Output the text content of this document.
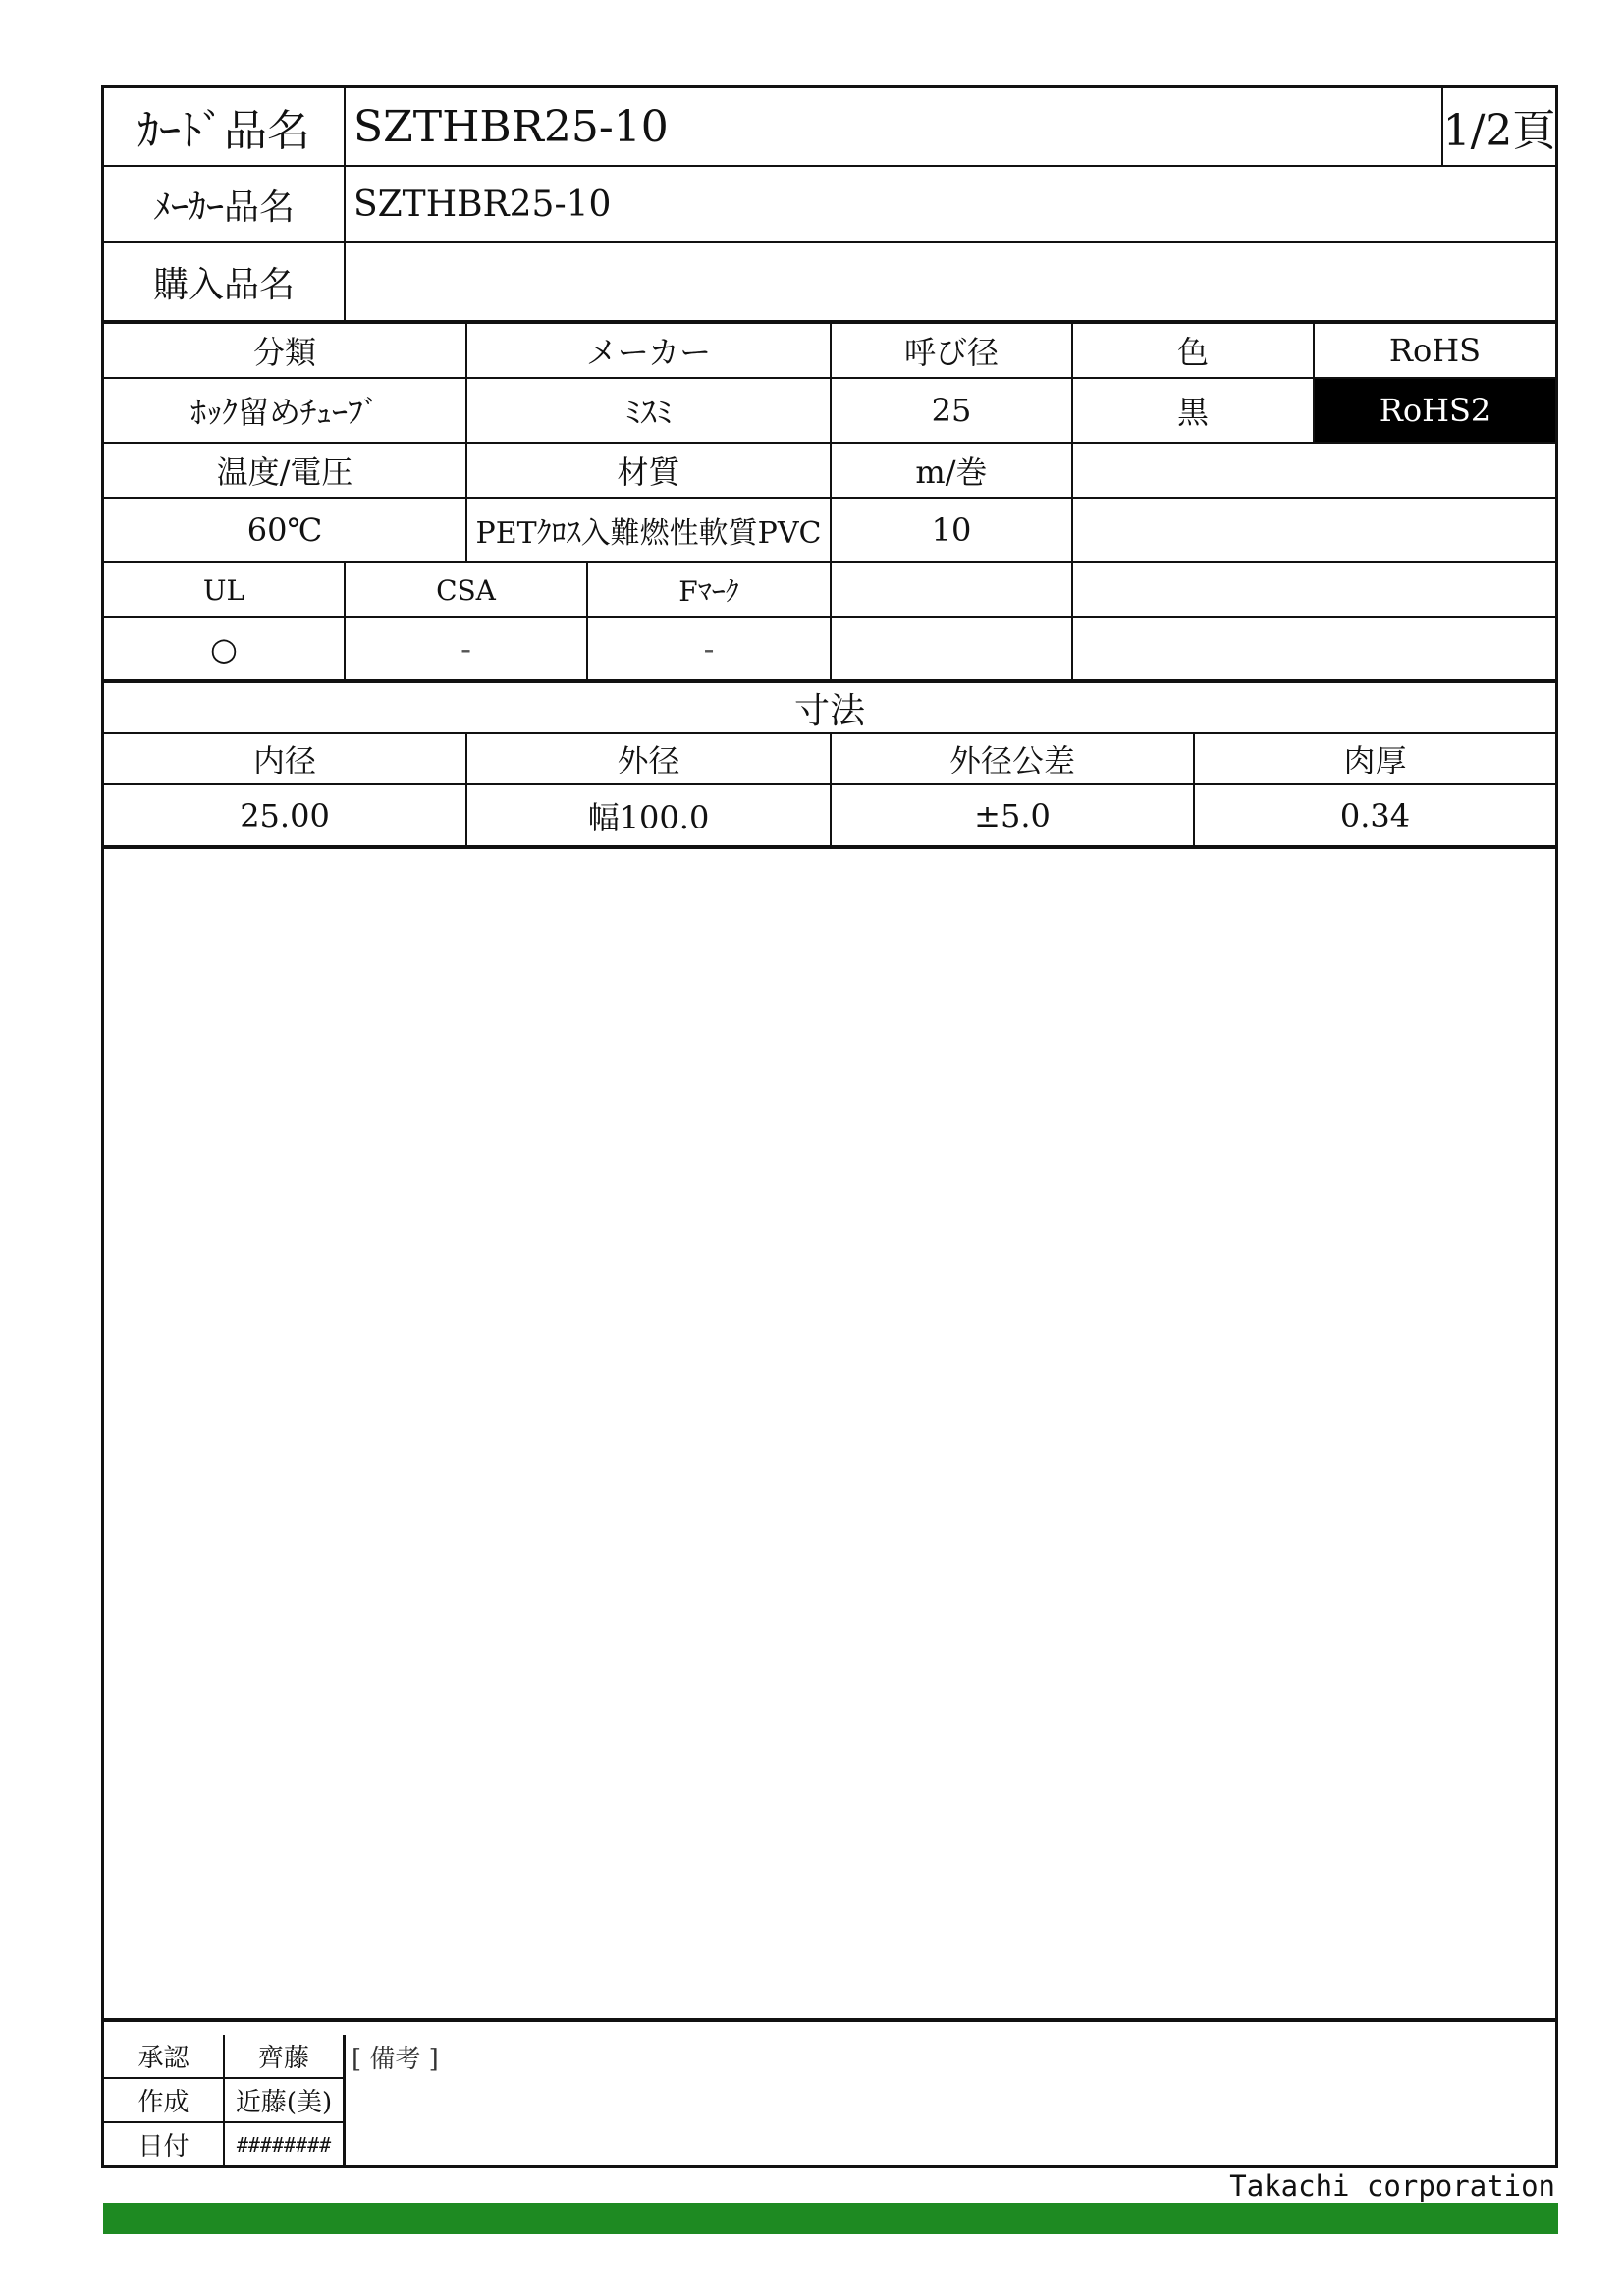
ｶｰﾄﾞ品名	SZTHBR25-10	1/2頁
ﾒｰｶｰ品名	SZTHBR25-10
購入品名
分類	メーカー	呼び径	色	RoHS
ﾎｯｸ留めﾁｭｰﾌﾞ	ﾐｽﾐ	25	黒	RoHS2
温度/電圧	材質	m/巻
60℃	PETｸﾛｽ入難燃性軟質PVC	10
UL	CSA	Fﾏｰｸ
○	-	-
寸法
内径	外径	外径公差	肉厚
25.00	幅100.0	±5.0	0.34
承認	齊藤
作成	近藤(美)
日付	########
[ 備考 ]
Takachi corporation
